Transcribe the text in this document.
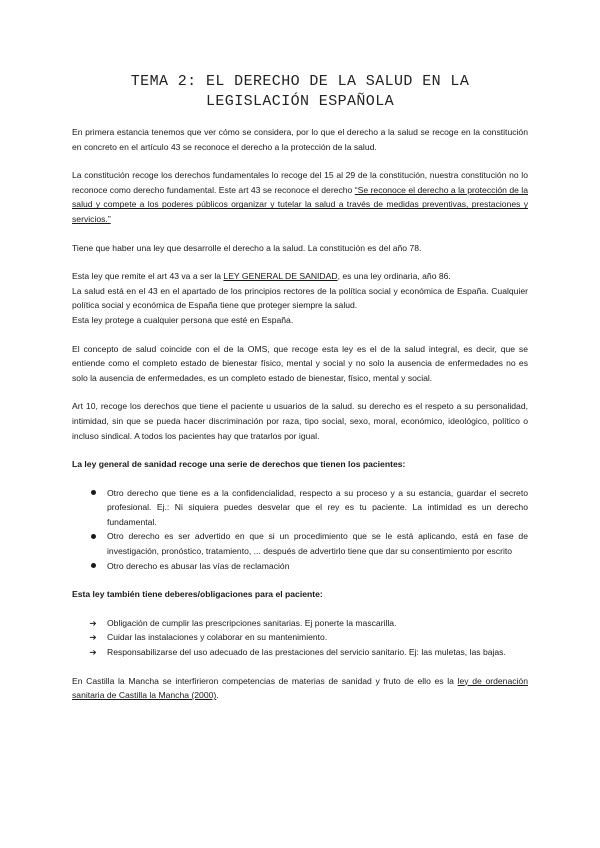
TEMA 2: EL DERECHO DE LA SALUD EN LA
LEGISLACIÓN ESPAÑOLA

En primera estancia tenemos que ver cómo se considera, por lo que el derecho a la salud se recoge en la constitución en concreto en el artículo 43 se reconoce el derecho a la protección de la salud.

La constitución recoge los derechos fundamentales lo recoge del 15 al 29 de la constitución, nuestra constitución no lo reconoce como derecho fundamental. Este art 43 se reconoce el derecho “Se reconoce el derecho a la protección de la salud y compete a los poderes públicos organizar y tutelar la salud a través de medidas preventivas, prestaciones y servicios.”

Tiene que haber una ley que desarrolle el derecho a la salud. La constitución es del año 78.

Esta ley que remite el art 43 va a ser la LEY GENERAL DE SANIDAD, es una ley ordinaria, año 86.
La salud está en el 43 en el apartado de los principios rectores de la política social y económica de España. Cualquier política social y económica de España tiene que proteger siempre la salud.
Esta ley protege a cualquier persona que esté en España.

El concepto de salud coincide con el de la OMS, que recoge esta ley es el de la salud integral, es decir, que se entiende como el completo estado de bienestar físico, mental y social y no solo la ausencia de enfermedades no es solo la ausencia de enfermedades, es un completo estado de bienestar, físico, mental y social.

Art 10, recoge los derechos que tiene el paciente u usuarios de la salud. su derecho es el respeto a su personalidad, intimidad, sin que se pueda hacer discriminación por raza, tipo social, sexo, moral, económico, ideológico, político o incluso sindical. A todos los pacientes hay que tratarlos por igual.

La ley general de sanidad recoge una serie de derechos que tienen los pacientes:

Otro derecho que tiene es a la confidencialidad, respecto a su proceso y a su estancia, guardar el secreto profesional. Ej.: Ni siquiera puedes desvelar que el rey es tu paciente. La intimidad es un derecho fundamental.
Otro derecho es ser advertido en que si un procedimiento que se le está aplicando, está en fase de investigación, pronóstico, tratamiento, ... después de advertirlo tiene que dar su consentimiento por escrito
Otro derecho es abusar las vías de reclamación

Esta ley también tiene deberes/obligaciones para el paciente:

➔	Obligación de cumplir las prescripciones sanitarias. Ej ponerte la mascarilla.
➔	Cuidar las instalaciones y colaborar en su mantenimiento.
➔	Responsabilizarse del uso adecuado de las prestaciones del servicio sanitario. Ej: las muletas, las bajas.

En Castilla la Mancha se interfirieron competencias de materias de sanidad y fruto de ello es la ley de ordenación sanitaria de Castilla la Mancha (2000).
